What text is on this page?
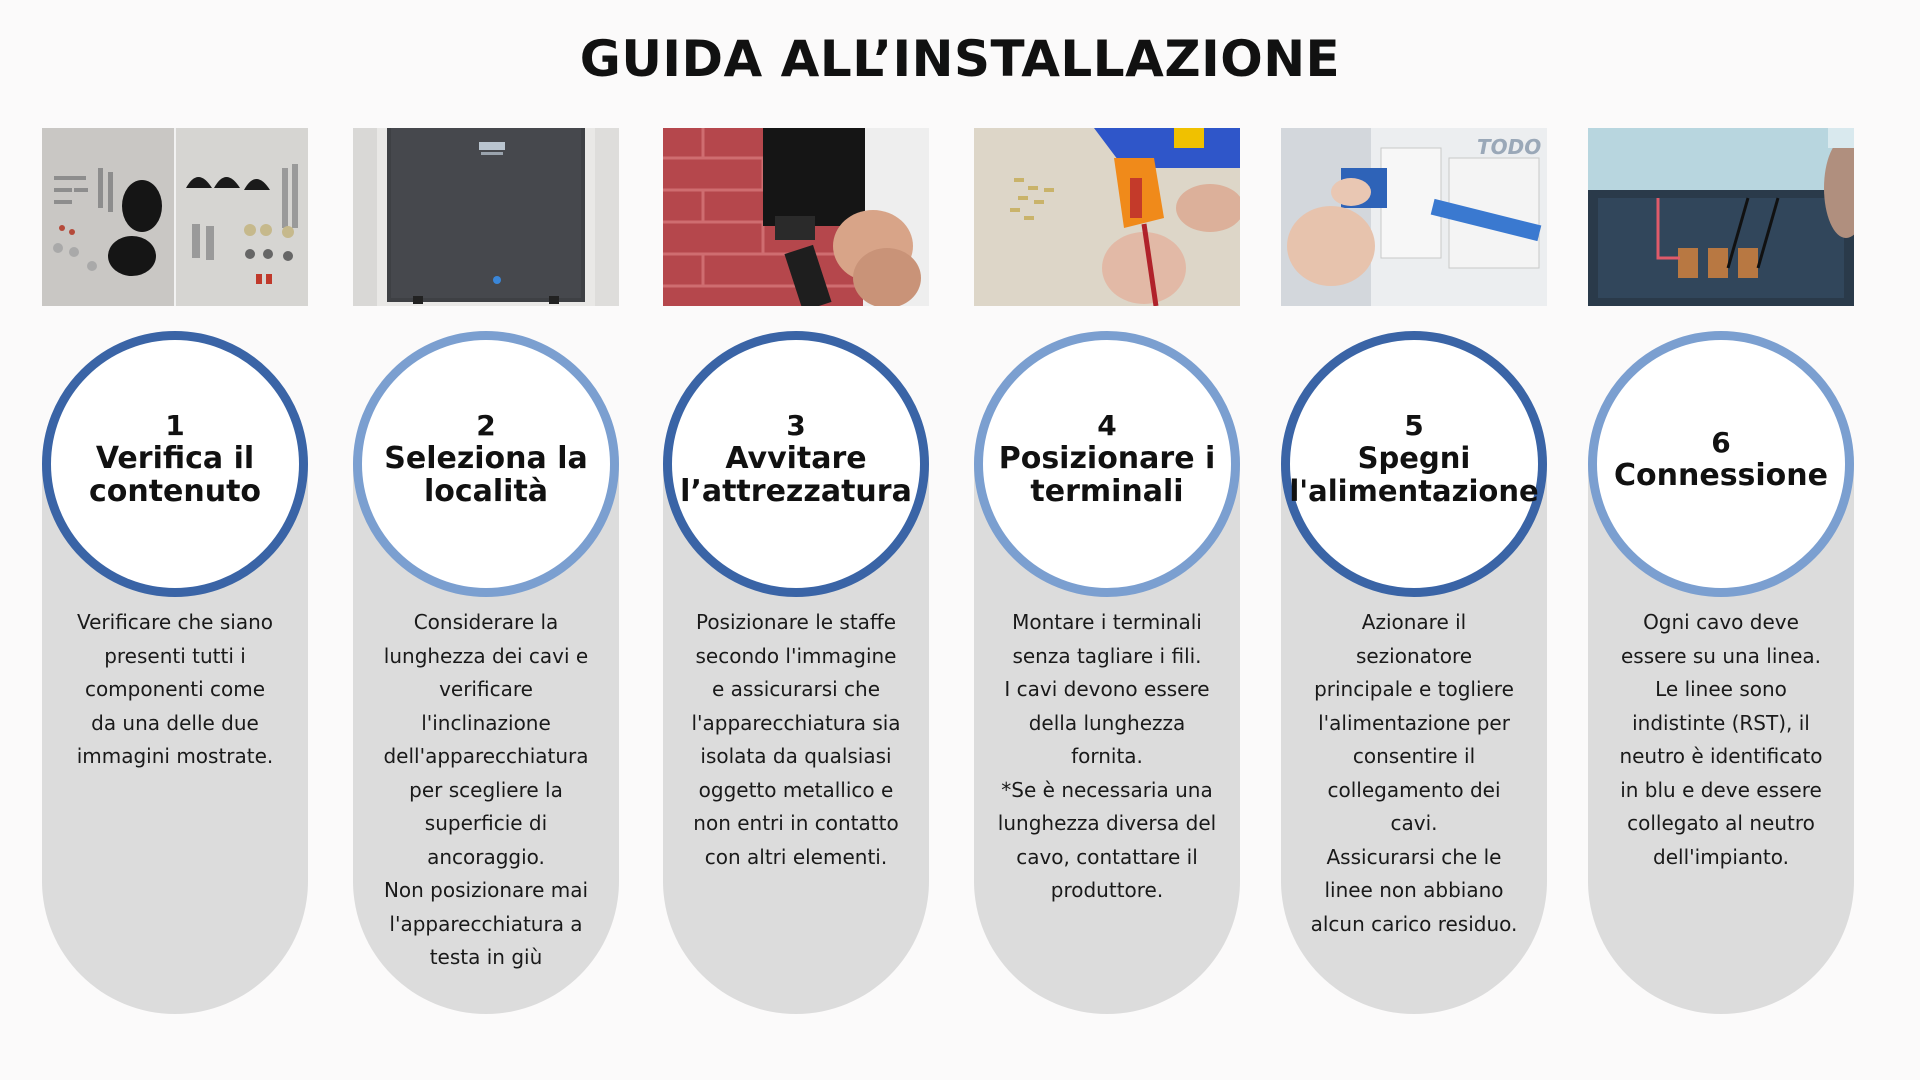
GUIDA ALL’INSTALLAZIONE
1
Verifica il
contenuto
Verificare che siano
presenti tutti i
componenti come
da una delle due
immagini mostrate.
2
Seleziona la
località
Considerare la
lunghezza dei cavi e
verificare
l'inclinazione
dell'apparecchiatura
per scegliere la
superficie di
ancoraggio.
Non posizionare mai
l'apparecchiatura a
testa in giù
3
Avvitare
l’attrezzatura
Posizionare le staffe
secondo l'immagine
e assicurarsi che
l'apparecchiatura sia
isolata da qualsiasi
oggetto metallico e
non entri in contatto
con altri elementi.
4
Posizionare i
terminali
Montare i terminali
senza tagliare i fili.
I cavi devono essere
della lunghezza
fornita.
*Se è necessaria una
lunghezza diversa del
cavo, contattare il
produttore.
TODO
5
Spegni
l'alimentazione
Azionare il
sezionatore
principale e togliere
l'alimentazione per
consentire il
collegamento dei
cavi.
Assicurarsi che le
linee non abbiano
alcun carico residuo.
6
Connessione
Ogni cavo deve
essere su una linea.
Le linee sono
indistinte (RST), il
neutro è identificato
in blu e deve essere
collegato al neutro
dell'impianto.
